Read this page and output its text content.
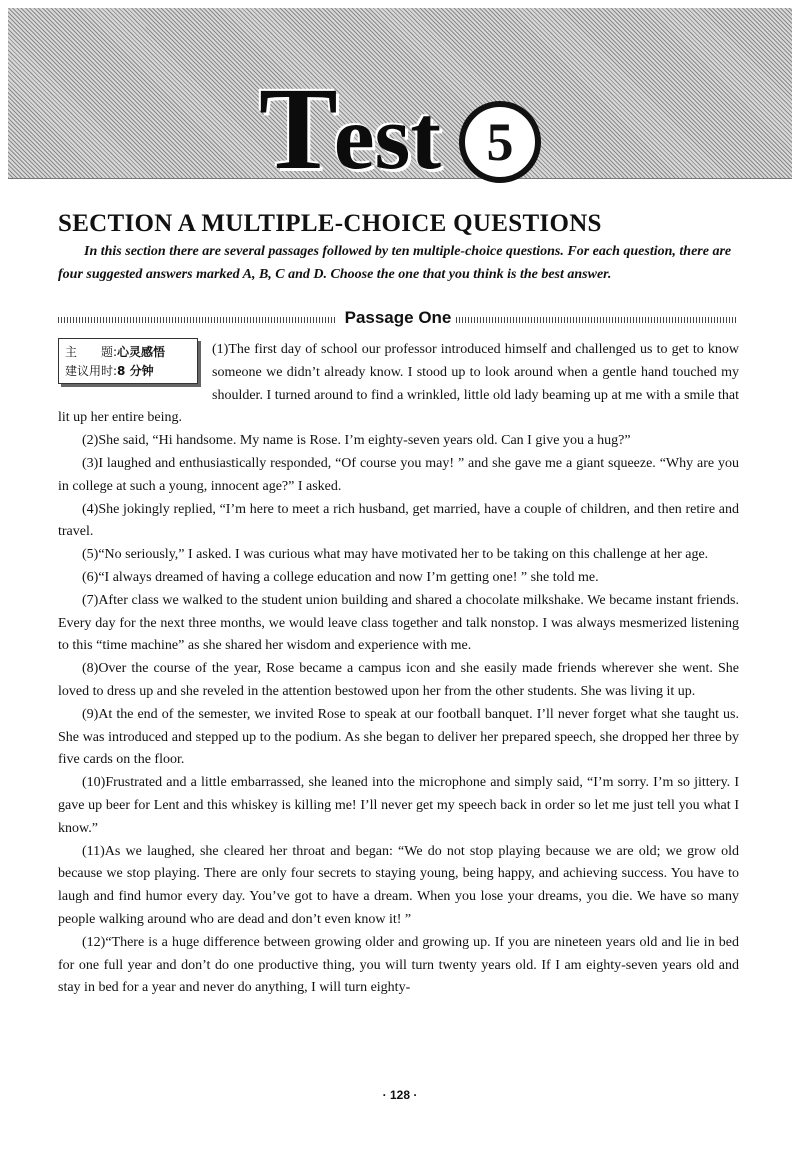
Test 5
SECTION A MULTIPLE-CHOICE QUESTIONS
In this section there are several passages followed by ten multiple-choice questions. For each question, there are four suggested answers marked A, B, C and D. Choose the one that you think is the best answer.
Passage One
主　　题:心灵感悟
建议用时:8 分钟

(1)The first day of school our professor introduced himself and challenged us to get to know someone we didn’t already know. I stood up to look around when a gentle hand touched my shoulder. I turned around to find a wrinkled, little old lady beaming up at me with a smile that lit up her entire being.

(2)She said, “Hi handsome. My name is Rose. I’m eighty-seven years old. Can I give you a hug?”

(3)I laughed and enthusiastically responded, “Of course you may! ” and she gave me a giant squeeze. “Why are you in college at such a young, innocent age?” I asked.

(4)She jokingly replied, “I’m here to meet a rich husband, get married, have a couple of children, and then retire and travel.

(5)“No seriously,” I asked. I was curious what may have motivated her to be taking on this challenge at her age.

(6)“I always dreamed of having a college education and now I’m getting one! ” she told me.

(7)After class we walked to the student union building and shared a chocolate milkshake. We became instant friends. Every day for the next three months, we would leave class together and talk nonstop. I was always mesmerized listening to this “time machine” as she shared her wisdom and experience with me.

(8)Over the course of the year, Rose became a campus icon and she easily made friends wherever she went. She loved to dress up and she reveled in the attention bestowed upon her from the other students. She was living it up.

(9)At the end of the semester, we invited Rose to speak at our football banquet. I’ll never forget what she taught us. She was introduced and stepped up to the podium. As she began to deliver her prepared speech, she dropped her three by five cards on the floor.

(10)Frustrated and a little embarrassed, she leaned into the microphone and simply said, “I’m sorry. I’m so jittery. I gave up beer for Lent and this whiskey is killing me! I’ll never get my speech back in order so let me just tell you what I know.”

(11)As we laughed, she cleared her throat and began: “We do not stop playing because we are old; we grow old because we stop playing. There are only four secrets to staying young, being happy, and achieving success. You have to laugh and find humor every day. You’ve got to have a dream. When you lose your dreams, you die. We have so many people walking around who are dead and don’t even know it! ”

(12)“There is a huge difference between growing older and growing up. If you are nineteen years old and lie in bed for one full year and don’t do one productive thing, you will turn twenty years old. If I am eighty-seven years old and stay in bed for a year and never do anything, I will turn eighty-

· 128 ·
